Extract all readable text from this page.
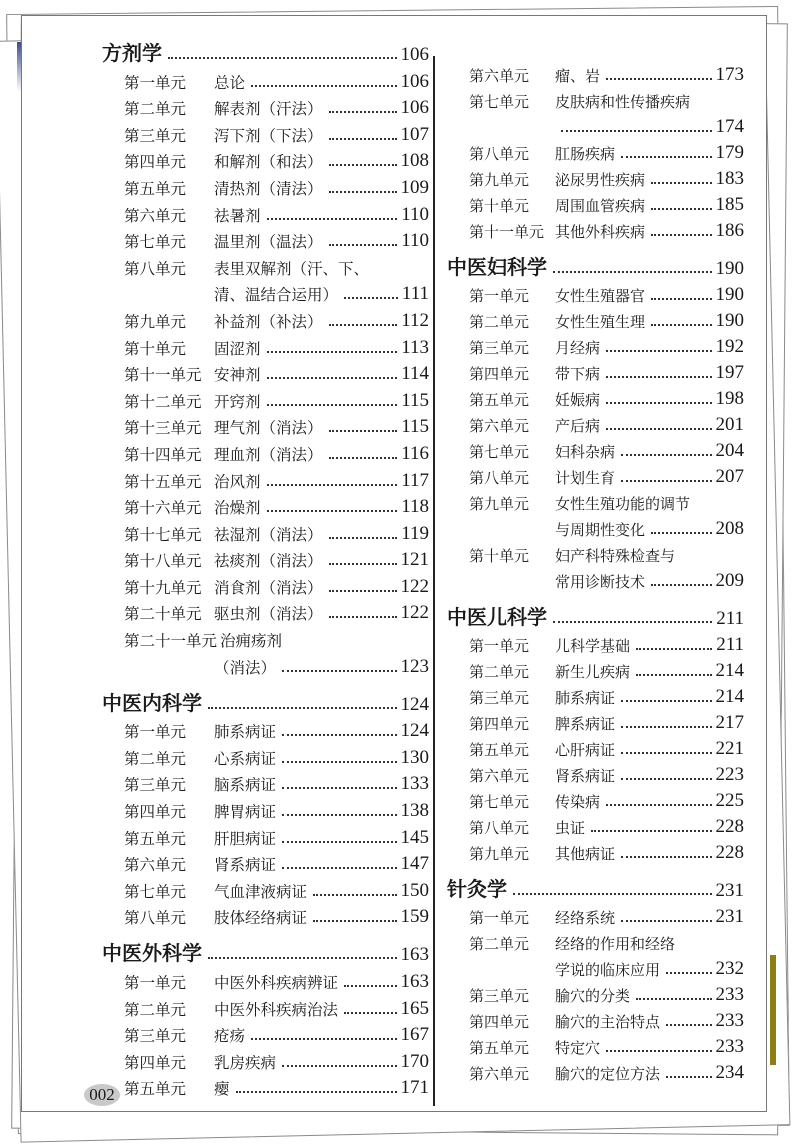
方剂学	106
第一单元	总论	106
第二单元	解表剂（汗法）	106
第三单元	泻下剂（下法）	107
第四单元	和解剂（和法）	108
第五单元	清热剂（清法）	109
第六单元	祛暑剂	110
第七单元	温里剂（温法）	110
第八单元	表里双解剂（汗、下、
清、温结合运用）	111
第九单元	补益剂（补法）	112
第十单元	固涩剂	113
第十一单元 安神剂	114
第十二单元 开窍剂	115
第十三单元 理气剂（消法）	115
第十四单元 理血剂（消法）	116
第十五单元 治风剂	117
第十六单元 治燥剂	118
第十七单元 祛湿剂（消法）	119
第十八单元 祛痰剂（消法）	121
第十九单元 消食剂（消法）	122
第二十单元 驱虫剂（消法）	122
第二十一单元 治痈疡剂
（消法）	123
中医内科学	124
第一单元	肺系病证	124
第二单元	心系病证	130
第三单元	脑系病证	133
第四单元	脾胃病证	138
第五单元	肝胆病证	145
第六单元	肾系病证	147
第七单元	气血津液病证	150
第八单元	肢体经络病证	159
中医外科学	163
第一单元	中医外科疾病辨证	163
第二单元	中医外科疾病治法	165
第三单元	疮疡	167
第四单元	乳房疾病	170
第五单元	瘿	171
第六单元	瘤、岩	173
第七单元	皮肤病和性传播疾病
174
第八单元	肛肠疾病	179
第九单元	泌尿男性疾病	183
第十单元	周围血管疾病	185
第十一单元 其他外科疾病	186
中医妇科学	190
第一单元	女性生殖器官	190
第二单元	女性生殖生理	190
第三单元	月经病	192
第四单元	带下病	197
第五单元	妊娠病	198
第六单元	产后病	201
第七单元	妇科杂病	204
第八单元	计划生育	207
第九单元	女性生殖功能的调节
与周期性变化	208
第十单元	妇产科特殊检查与
常用诊断技术	209
中医儿科学	211
第一单元	儿科学基础	211
第二单元	新生儿疾病	214
第三单元	肺系病证	214
第四单元	脾系病证	217
第五单元	心肝病证	221
第六单元	肾系病证	223
第七单元	传染病	225
第八单元	虫证	228
第九单元	其他病证	228
针灸学	231
第一单元	经络系统	231
第二单元	经络的作用和经络
学说的临床应用	232
第三单元	腧穴的分类	233
第四单元	腧穴的主治特点	233
第五单元	特定穴	233
第六单元	腧穴的定位方法	234
002
